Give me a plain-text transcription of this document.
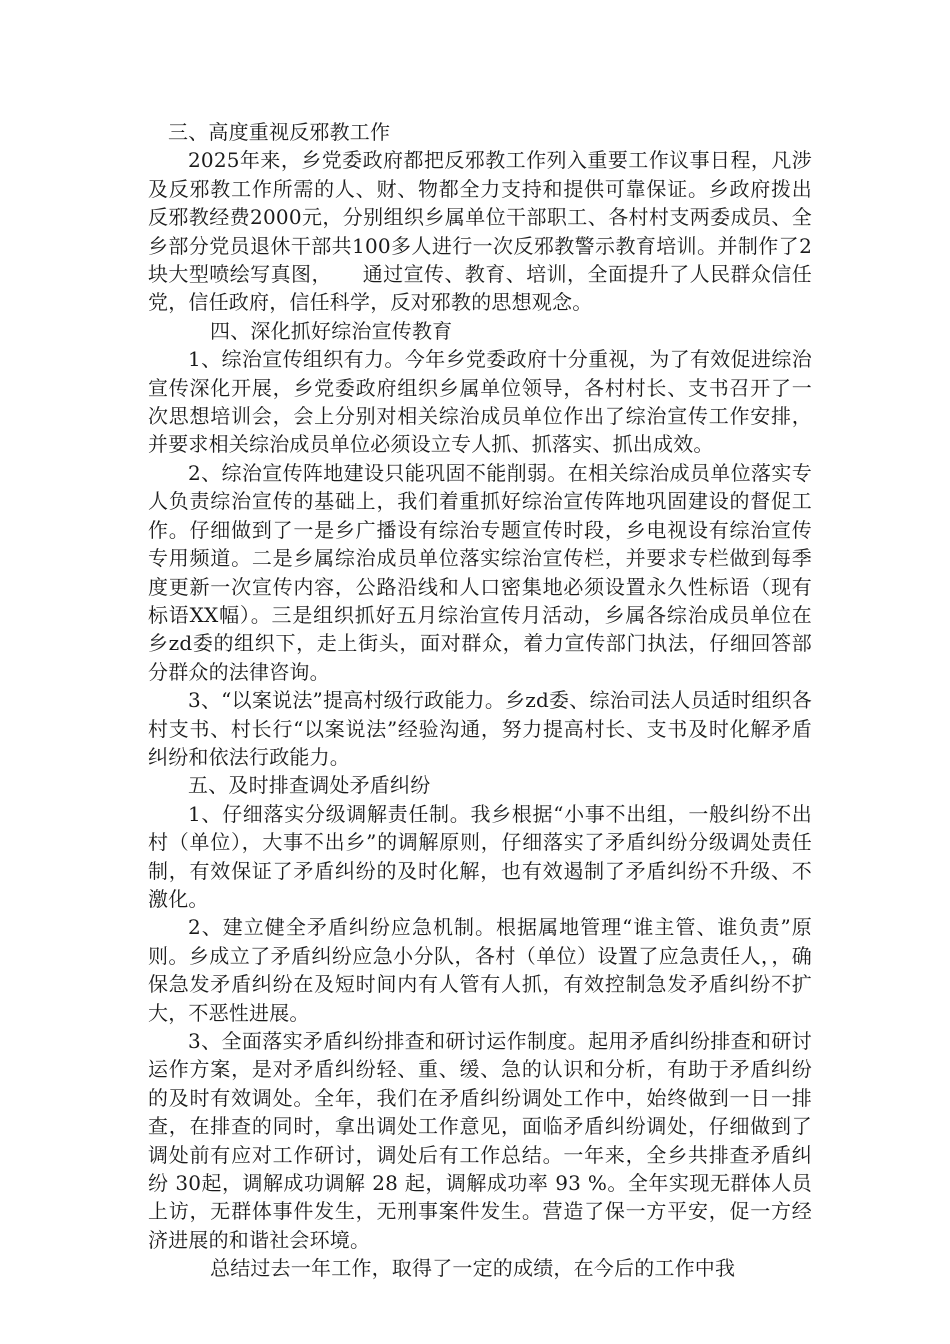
三、高度重视反邪教工作

2025年来，乡党委政府都把反邪教工作列入重要工作议事日程，凡涉及反邪教工作所需的人、财、物都全力支持和提供可靠保证。乡政府拨出反邪教经费2000元，分别组织乡属单位干部职工、各村村支两委成员、全乡部分党员退休干部共100多人进行一次反邪教警示教育培训。并制作了2块大型喷绘写真图，　　通过宣传、教育、培训，全面提升了人民群众信任党，信任政府，信任科学，反对邪教的思想观念。

四、深化抓好综治宣传教育

1、综治宣传组织有力。今年乡党委政府十分重视，为了有效促进综治宣传深化开展，乡党委政府组织乡属单位领导，各村村长、支书召开了一次思想培训会，会上分别对相关综治成员单位作出了综治宣传工作安排，并要求相关综治成员单位必须设立专人抓、抓落实、抓出成效。

2、综治宣传阵地建设只能巩固不能削弱。在相关综治成员单位落实专人负责综治宣传的基础上，我们着重抓好综治宣传阵地巩固建设的督促工作。仔细做到了一是乡广播设有综治专题宣传时段，乡电视设有综治宣传专用频道。二是乡属综治成员单位落实综治宣传栏，并要求专栏做到每季度更新一次宣传内容，公路沿线和人口密集地必须设置永久性标语（现有标语XX幅）。三是组织抓好五月综治宣传月活动，乡属各综治成员单位在乡zd委的组织下，走上街头，面对群众，着力宣传部门执法，仔细回答部分群众的法律咨询。

3、“以案说法”提高村级行政能力。乡zd委、综治司法人员适时组织各村支书、村长行“以案说法”经验沟通，努力提高村长、支书及时化解矛盾纠纷和依法行政能力。

五、及时排查调处矛盾纠纷

1、仔细落实分级调解责任制。我乡根据“小事不出组，一般纠纷不出村（单位），大事不出乡”的调解原则，仔细落实了矛盾纠纷分级调处责任制，有效保证了矛盾纠纷的及时化解，也有效遏制了矛盾纠纷不升级、不激化。

2、建立健全矛盾纠纷应急机制。根据属地管理“谁主管、谁负责”原则。乡成立了矛盾纠纷应急小分队，各村（单位）设置了应急责任人，，确保急发矛盾纠纷在及短时间内有人管有人抓，有效控制急发矛盾纠纷不扩大，不恶性进展。

3、全面落实矛盾纠纷排查和研讨运作制度。起用矛盾纠纷排查和研讨运作方案，是对矛盾纠纷轻、重、缓、急的认识和分析，有助于矛盾纠纷的及时有效调处。全年，我们在矛盾纠纷调处工作中，始终做到一日一排查，在排查的同时，拿出调处工作意见，面临矛盾纠纷调处，仔细做到了调处前有应对工作研讨，调处后有工作总结。一年来，全乡共排查矛盾纠纷 30起，调解成功调解 28 起，调解成功率 93 %。全年实现无群体人员上访，无群体事件发生，无刑事案件发生。营造了保一方平安，促一方经济进展的和谐社会环境。

总结过去一年工作，取得了一定的成绩，在今后的工作中我
